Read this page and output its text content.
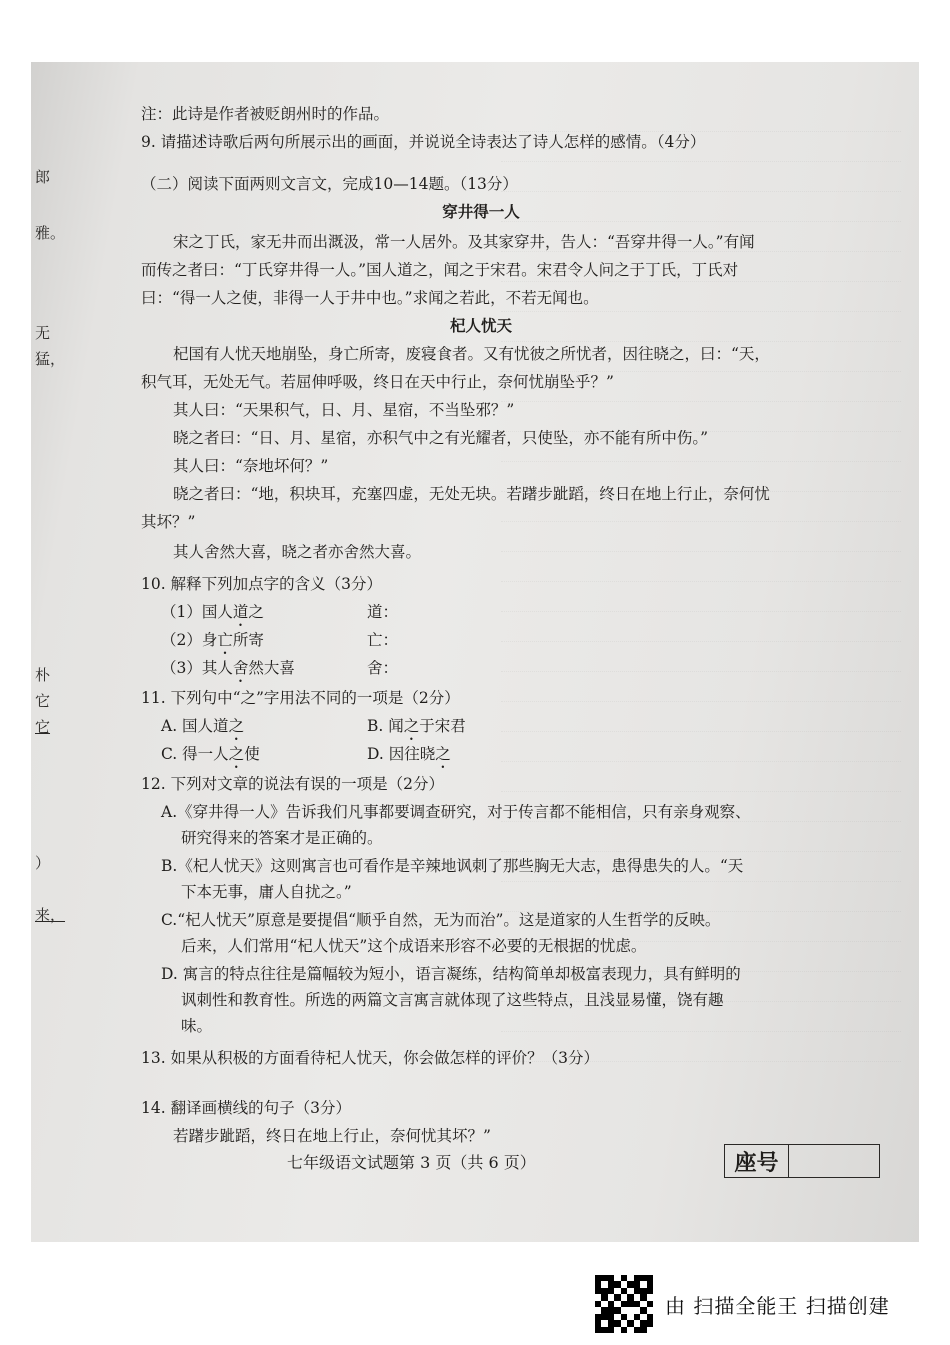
郎
雅。
无
猛，
朴
它
它
）
来，
注：此诗是作者被贬朗州时的作品。
9. 请描述诗歌后两句所展示出的画面，并说说全诗表达了诗人怎样的感情。（4分）
（二）阅读下面两则文言文，完成10—14题。（13分）
穿井得一人
宋之丁氏，家无井而出溉汲，常一人居外。及其家穿井，告人：“吾穿井得一人。”有闻
而传之者曰：“丁氏穿井得一人。”国人道之，闻之于宋君。宋君令人问之于丁氏，丁氏对
曰：“得一人之使，非得一人于井中也。”求闻之若此，不若无闻也。
杞人忧天
杞国有人忧天地崩坠，身亡所寄，废寝食者。又有忧彼之所忧者，因往晓之，曰：“天，
积气耳，无处无气。若屈伸呼吸，终日在天中行止，奈何忧崩坠乎？”
其人曰：“天果积气，日、月、星宿，不当坠邪？”
晓之者曰：“日、月、星宿，亦积气中之有光耀者，只使坠，亦不能有所中伤。”
其人曰：“奈地坏何？”
晓之者曰：“地，积块耳，充塞四虚，无处无块。若躇步跐蹈，终日在地上行止，奈何忧
其坏？”
其人舍然大喜，晓之者亦舍然大喜。
10. 解释下列加点字的含义（3分）
（1）国人道之	道：
（2）身亡所寄	亡：
（3）其人舍然大喜	舍：
11. 下列句中“之”字用法不同的一项是（2分）
A. 国人道之	B. 闻之于宋君
C. 得一人之使	D. 因往晓之
12. 下列对文章的说法有误的一项是（2分）
A.《穿井得一人》告诉我们凡事都要调查研究，对于传言都不能相信，只有亲身观察、
研究得来的答案才是正确的。
B.《杞人忧天》这则寓言也可看作是辛辣地讽刺了那些胸无大志，患得患失的人。“天
下本无事，庸人自扰之。”
C.“杞人忧天”原意是要提倡“顺乎自然，无为而治”。这是道家的人生哲学的反映。
后来，人们常用“杞人忧天”这个成语来形容不必要的无根据的忧虑。
D. 寓言的特点往往是篇幅较为短小，语言凝练，结构简单却极富表现力，具有鲜明的
讽刺性和教育性。所选的两篇文言寓言就体现了这些特点，且浅显易懂，饶有趣
味。
13. 如果从积极的方面看待杞人忧天，你会做怎样的评价？（3分）
14. 翻译画横线的句子（3分）
若躇步跐蹈，终日在地上行止，奈何忧其坏？”
七年级语文试题第 3 页（共 6 页）	座号
由 扫描全能王 扫描创建
